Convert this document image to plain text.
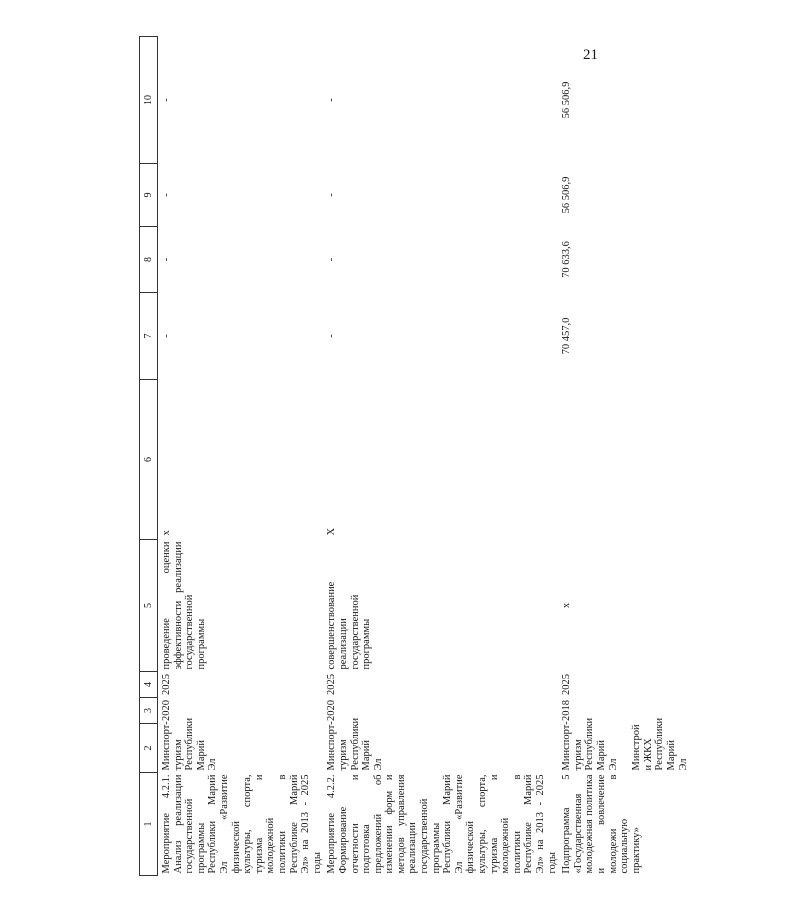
21
1	2	3	4	5	6	7	8	9	10
Мероприятие 4.2.1. Анализ реализации государственной программы Республики Марий Эл «Развитие физической культуры, спорта, туризма и молодежной политики в Республике Марий Эл» на 2013 - 2025 годы	Минспорт-туризм Республики Марий Эл	2020	2025	проведение оценки эффективности реализации государственной программы	x	-	-	-	-
Мероприятие 4.2.2. Формирование отчетности и подготовка предложений об изменении форм и методов управления реализации государственной программы Республики Марий Эл «Развитие физической культуры, спорта, туризма и молодежной политики в Республике Марий Эл» на 2013 - 2025 годы	Минспорт-туризм Республики Марий Эл	2020	2025	совершенствование реализации государственной программы	Х	-	-	-	-
Подпрограмма 5 «Государственная молодежная политика и вовлечение молодежи в социальную практику»	Минспорт-туризм Республики Марий Эл Минстрой и ЖКХ Республики Марий Эл	2018	2025	х		70 457,0	70 633,6	56 506,9	56 506,9
